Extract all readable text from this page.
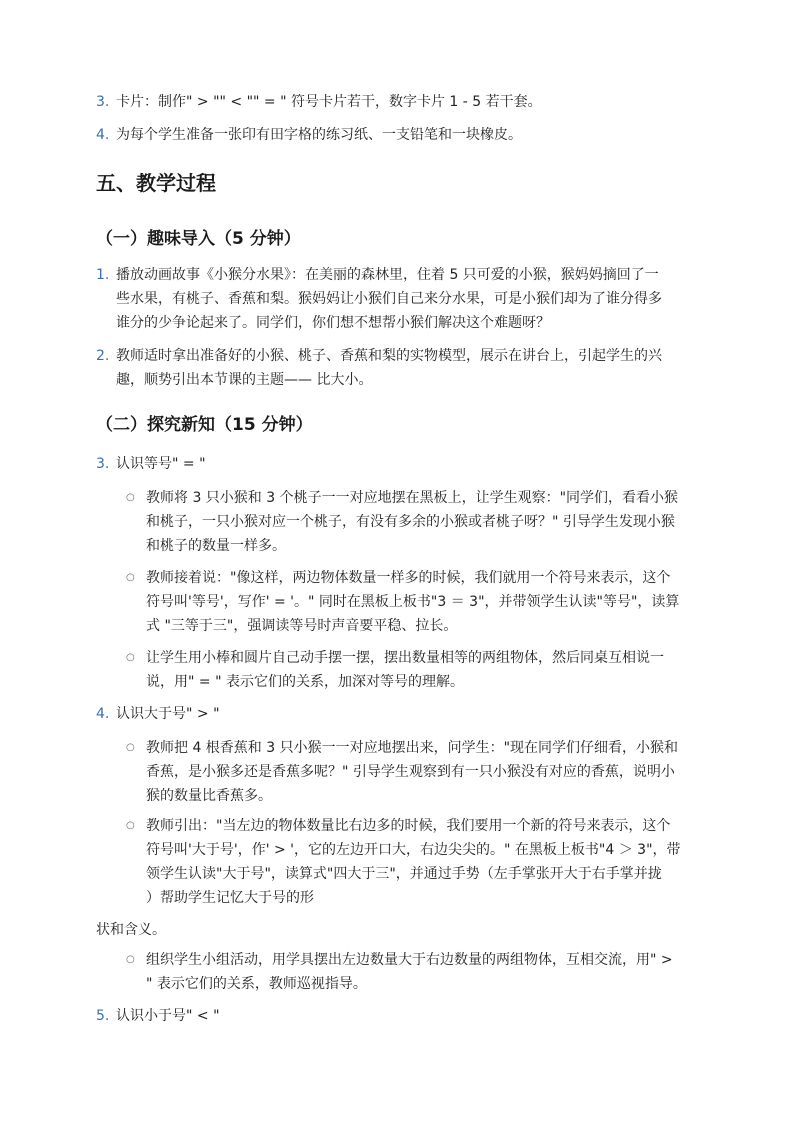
3. 卡片：制作" > "" < "" = " 符号卡片若干，数字卡片 1 - 5 若干套。
4. 为每个学生准备一张印有田字格的练习纸、一支铅笔和一块橡皮。
五、教学过程
（一）趣味导入（5 分钟）
1. 播放动画故事《小猴分水果》：在美丽的森林里，住着 5 只可爱的小猴，猴妈妈摘回了一
些水果，有桃子、香蕉和梨。猴妈妈让小猴们自己来分水果，可是小猴们却为了谁分得多
谁分的少争论起来了。同学们，你们想不想帮小猴们解决这个难题呀？
2. 教师适时拿出准备好的小猴、桃子、香蕉和梨的实物模型，展示在讲台上，引起学生的兴
趣，顺势引出本节课的主题—— 比大小。
（二）探究新知（15 分钟）
3. 认识等号" = "
○ 教师将 3 只小猴和 3 个桃子一一对应地摆在黑板上，让学生观察："同学们，看看小猴
和桃子，一只小猴对应一个桃子，有没有多余的小猴或者桃子呀？" 引导学生发现小猴
和桃子的数量一样多。
○ 教师接着说："像这样，两边物体数量一样多的时候，我们就用一个符号来表示，这个
符号叫'等号'，写作' = '。" 同时在黑板上板书"3 ＝ 3"，并带领学生认读"等号"，读算
式 "三等于三"，强调读等号时声音要平稳、拉长。
○ 让学生用小棒和圆片自己动手摆一摆，摆出数量相等的两组物体，然后同桌互相说一
说，用" = " 表示它们的关系，加深对等号的理解。
4. 认识大于号" > "
○ 教师把 4 根香蕉和 3 只小猴一一对应地摆出来，问学生："现在同学们仔细看，小猴和
香蕉，是小猴多还是香蕉多呢？" 引导学生观察到有一只小猴没有对应的香蕉，说明小
猴的数量比香蕉多。
○ 教师引出："当左边的物体数量比右边多的时候，我们要用一个新的符号来表示，这个
符号叫'大于号'，作' > '，它的左边开口大，右边尖尖的。" 在黑板上板书"4 ＞ 3"，带
领学生认读"大于号"，读算式"四大于三"，并通过手势（左手掌张开大于右手掌并拢
）帮助学生记忆大于号的形
状和含义。
○ 组织学生小组活动，用学具摆出左边数量大于右边数量的两组物体，互相交流，用" >
" 表示它们的关系，教师巡视指导。
5. 认识小于号" < "
